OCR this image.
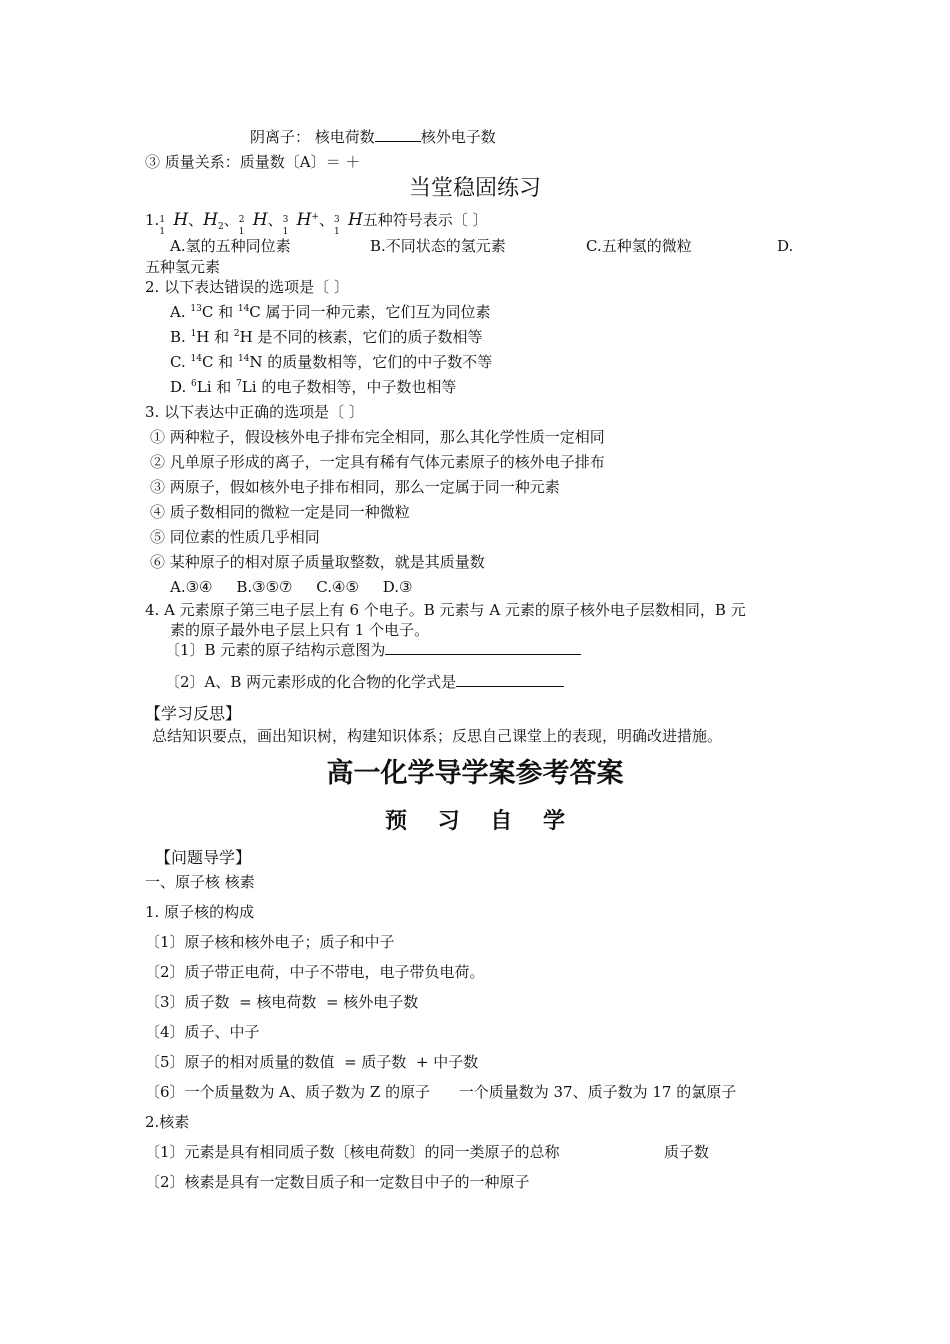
阴离子： 核电荷数	核外电子数
③ 质量关系：质量数〔A〕＝ ＋
当堂稳固练习
1. 1
1
H、$H_2$、 2
1
H、 3
1
H+、 3
1
H五种符号表示〔 〕
A.氢的五种同位素	B.不同状态的氢元素	C.五种氢的微粒	D.
五种氢元素
2. 以下表达错误的选项是〔 〕
A. $^{13}$C 和 $^{14}$C 属于同一种元素，它们互为同位素
B. $^1$H 和 $^2$H 是不同的核素，它们的质子数相等
C. $^{14}$C 和 $^{14}$N 的质量数相等，它们的中子数不等
D. $^6$Li 和 $^7$Li 的电子数相等，中子数也相等
3. 以下表达中正确的选项是〔 〕
① 两种粒子，假设核外电子排布完全相同，那么其化学性质一定相同
② 凡单原子形成的离子，一定具有稀有气体元素原子的核外电子排布
③ 两原子，假如核外电子排布相同，那么一定属于同一种元素
④ 质子数相同的微粒一定是同一种微粒
⑤ 同位素的性质几乎相同
⑥ 某种原子的相对原子质量取整数，就是其质量数
A.③④     B.③⑤⑦     C.④⑤     D.③
4. A 元素原子第三电子层上有 6 个电子。B 元素与 A 元素的原子核外电子层数相同，B 元
素的原子最外电子层上只有 1 个电子。
〔1〕B 元素的原子结构示意图为
〔2〕A、B 两元素形成的化合物的化学式是
【学习反思】
总结知识要点，画出知识树，构建知识体系；反思自己课堂上的表现，明确改进措施。
高一化学导学案参考答案
预    习    自    学
【问题导学】
一、原子核 核素
1. 原子核的构成
〔1〕原子核和核外电子；质子和中子
〔2〕质子带正电荷，中子不带电，电子带负电荷。
〔3〕质子数  = 核电荷数  = 核外电子数
〔4〕质子、中子
〔5〕原子的相对质量的数值  = 质子数  + 中子数
〔6〕一个质量数为 A、质子数为 Z 的原子      一个质量数为 37、质子数为 17 的氯原子
2.核素
〔1〕元素是具有相同质子数〔核电荷数〕的同一类原子的总称	质子数
〔2〕核素是具有一定数目质子和一定数目中子的一种原子
